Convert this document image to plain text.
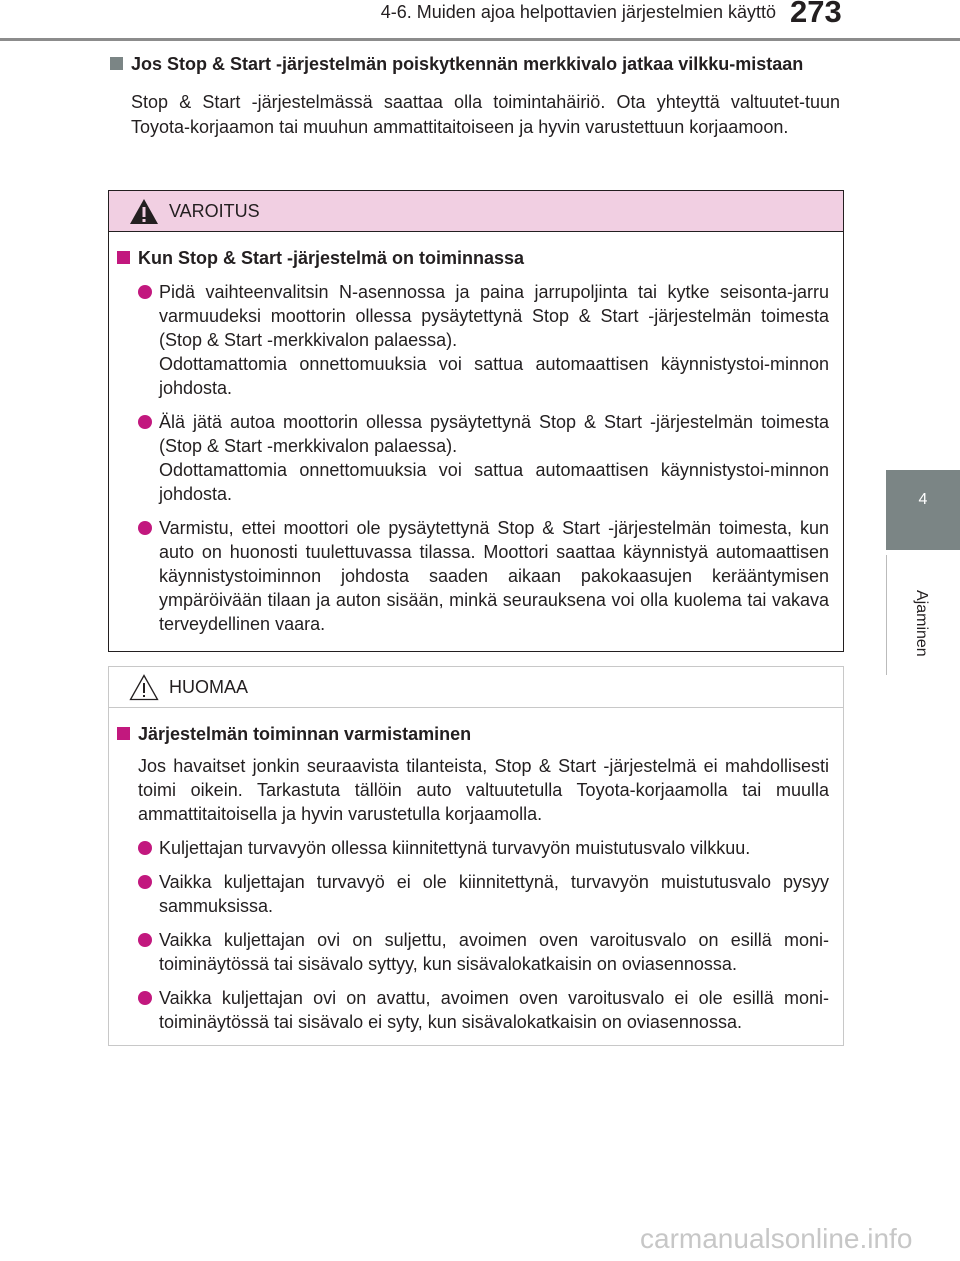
4-6. Muiden ajoa helpottavien järjestelmien käyttö 273
4
Ajaminen
Jos Stop & Start -järjestelmän poiskytkennän merkkivalo jatkaa vilkku-mistaan
Stop & Start -järjestelmässä saattaa olla toimintahäiriö. Ota yhteyttä valtuutet-tuun Toyota-korjaamon tai muuhun ammattitaitoiseen ja hyvin varustettuun korjaamoon.
VAROITUS
Kun Stop & Start -järjestelmä on toiminnassa
Pidä vaihteenvalitsin N-asennossa ja paina jarrupoljinta tai kytke seisonta-jarru varmuudeksi moottorin ollessa pysäytettynä Stop & Start -järjestelmän toimesta (Stop & Start -merkkivalon palaessa).
Odottamattomia onnettomuuksia voi sattua automaattisen käynnistystoi-minnon johdosta.
Älä jätä autoa moottorin ollessa pysäytettynä Stop & Start -järjestelmän toimesta (Stop & Start -merkkivalon palaessa).
Odottamattomia onnettomuuksia voi sattua automaattisen käynnistystoi-minnon johdosta.
Varmistu, ettei moottori ole pysäytettynä Stop & Start -järjestelmän toimesta, kun auto on huonosti tuulettuvassa tilassa. Moottori saattaa käynnistyä automaattisen käynnistystoiminnon johdosta saaden aikaan pakokaasujen kerääntymisen ympäröivään tilaan ja auton sisään, minkä seurauksena voi olla kuolema tai vakava terveydellinen vaara.
HUOMAA
Järjestelmän toiminnan varmistaminen
Jos havaitset jonkin seuraavista tilanteista, Stop & Start -järjestelmä ei mahdollisesti toimi oikein. Tarkastuta tällöin auto valtuutetulla Toyota-korjaamolla tai muulla ammattitaitoisella ja hyvin varustetulla korjaamolla.
Kuljettajan turvavyön ollessa kiinnitettynä turvavyön muistutusvalo vilkkuu.
Vaikka kuljettajan turvavyö ei ole kiinnitettynä, turvavyön muistutusvalo pysyy sammuksissa.
Vaikka kuljettajan ovi on suljettu, avoimen oven varoitusvalo on esillä moni-toiminäytössä tai sisävalo syttyy, kun sisävalokatkaisin on oviasennossa.
Vaikka kuljettajan ovi on avattu, avoimen oven varoitusvalo ei ole esillä moni-toiminäytössä tai sisävalo ei syty, kun sisävalokatkaisin on oviasennossa.
carmanualsonline.info
